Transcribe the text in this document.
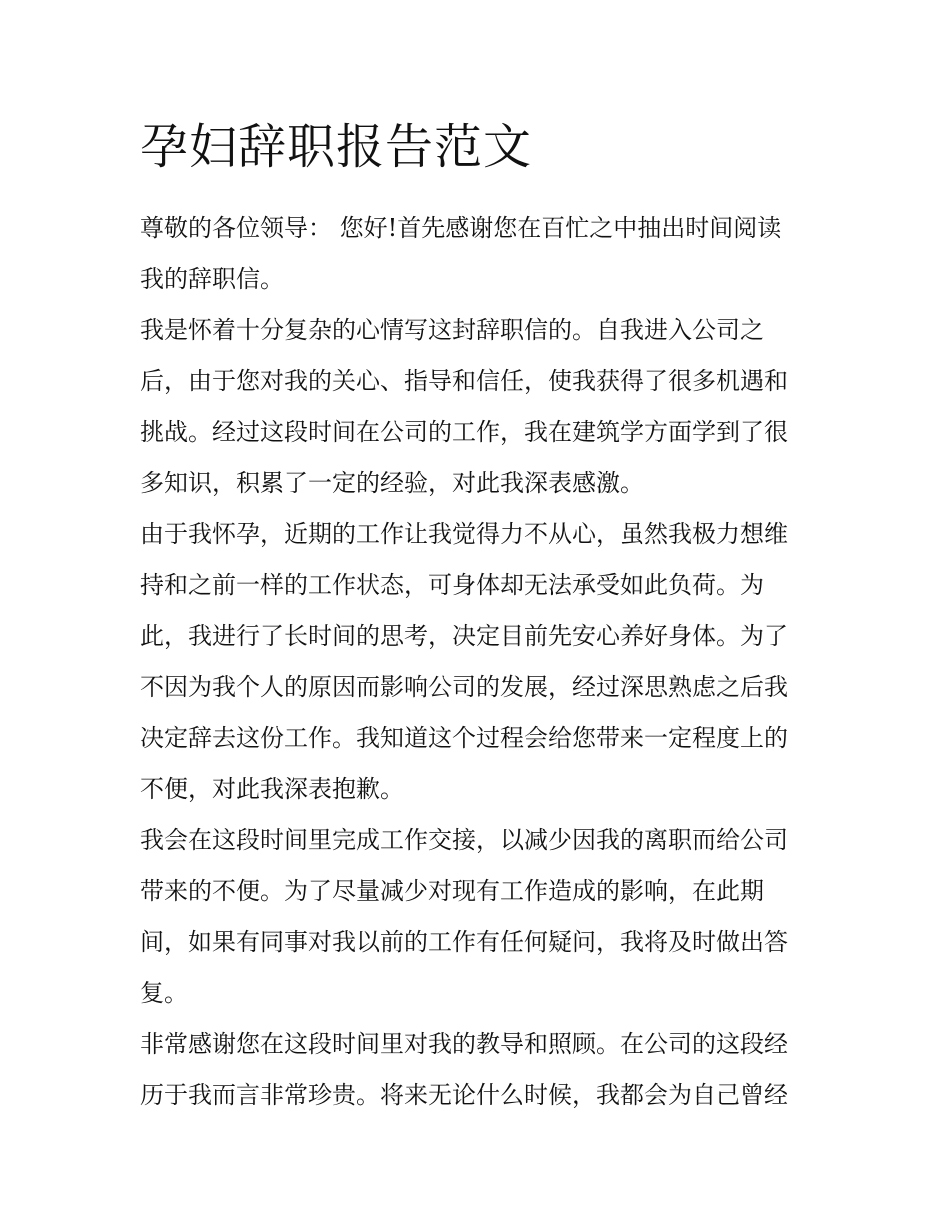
孕妇辞职报告范文

尊敬的各位领导： 您好!首先感谢您在百忙之中抽出时间阅读
我的辞职信。

我是怀着十分复杂的心情写这封辞职信的。自我进入公司之
后，由于您对我的关心、指导和信任，使我获得了很多机遇和
挑战。经过这段时间在公司的工作，我在建筑学方面学到了很
多知识，积累了一定的经验，对此我深表感激。

由于我怀孕，近期的工作让我觉得力不从心，虽然我极力想维
持和之前一样的工作状态，可身体却无法承受如此负荷。为
此，我进行了长时间的思考，决定目前先安心养好身体。为了
不因为我个人的原因而影响公司的发展，经过深思熟虑之后我
决定辞去这份工作。我知道这个过程会给您带来一定程度上的
不便，对此我深表抱歉。

我会在这段时间里完成工作交接，以减少因我的离职而给公司
带来的不便。为了尽量减少对现有工作造成的影响，在此期
间，如果有同事对我以前的工作有任何疑问，我将及时做出答
复。

非常感谢您在这段时间里对我的教导和照顾。在公司的这段经
历于我而言非常珍贵。将来无论什么时候，我都会为自己曾经
